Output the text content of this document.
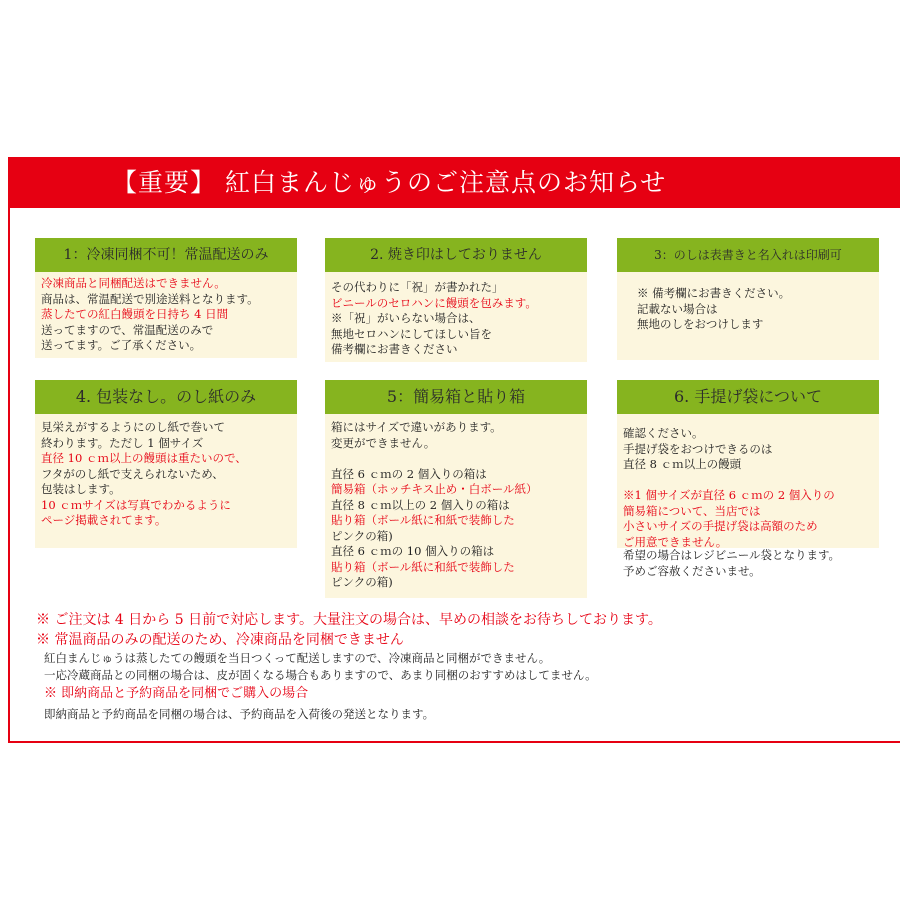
【重要】 紅白まんじゅうのご注意点のお知らせ
1：冷凍同梱不可！常温配送のみ
冷凍商品と同梱配送はできません。
商品は、常温配送で別途送料となります。
蒸したての紅白饅頭を日持ち 4 日間
送ってますので、常温配送のみで
送ってます。ご了承ください。
2. 焼き印はしておりません
その代わりに「祝」が書かれた」
ビニールのセロハンに饅頭を包みます。
※「祝」がいらない場合は、
無地セロハンにしてほしい旨を
備考欄にお書きください
3：のしは表書きと名入れは印刷可
※ 備考欄にお書きください。
記載ない場合は
無地のしをおつけします
4. 包装なし。のし紙のみ
見栄えがするようにのし紙で巻いて
終わります。ただし 1 個サイズ
直径 10 ｃｍ以上の饅頭は重たいので、
フタがのし紙で支えられないため、
包装はします。
10 ｃｍサイズは写真でわかるように
ページ掲載されてます。
5：簡易箱と貼り箱
箱にはサイズで違いがあります。
変更ができません。
直径 6 ｃｍの 2 個入りの箱は
簡易箱（ホッチキス止め・白ボール紙）
直径 8 ｃｍ以上の 2 個入りの箱は
貼り箱（ボール紙に和紙で装飾した
ピンクの箱)
直径 6 ｃｍの 10 個入りの箱は
貼り箱（ボール紙に和紙で装飾した
ピンクの箱)
6. 手提げ袋について
確認ください。
手提げ袋をおつけできるのは
直径 8 ｃｍ以上の饅頭
※1 個サイズが直径 6 ｃｍの 2 個入りの
簡易箱について、当店では
小さいサイズの手提げ袋は高額のため
ご用意できません。
希望の場合はレジビニール袋となります。
予めご容赦くださいませ。
※ ご注文は 4 日から 5 日前で対応します。大量注文の場合は、早めの相談をお待ちしております。
※ 常温商品のみの配送のため、冷凍商品を同梱できません
紅白まんじゅうは蒸したての饅頭を当日つくって配送しますので、冷凍商品と同梱ができません。
一応冷蔵商品との同梱の場合は、皮が固くなる場合もありますので、あまり同梱のおすすめはしてません。
※ 即納商品と予約商品を同梱でご購入の場合
即納商品と予約商品を同梱の場合は、予約商品を入荷後の発送となります。
